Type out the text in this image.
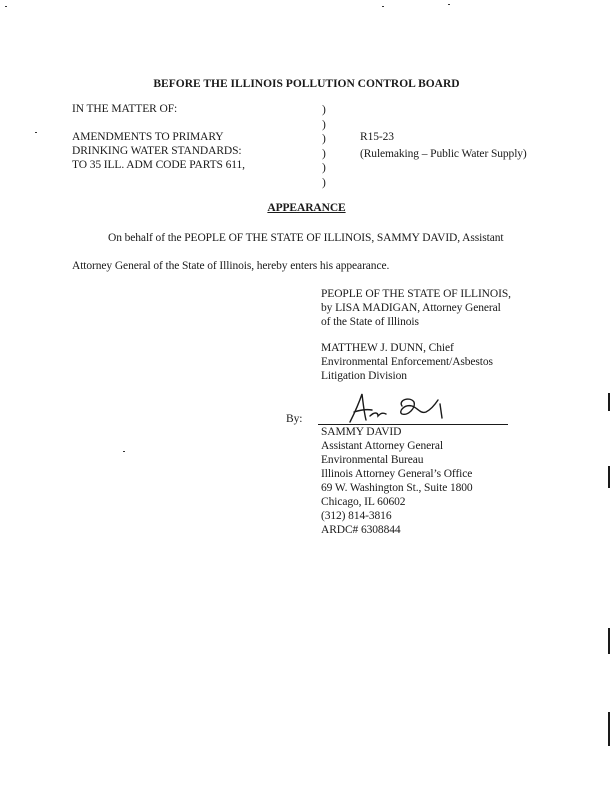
BEFORE THE ILLINOIS POLLUTION CONTROL BOARD
IN THE MATTER OF:

AMENDMENTS TO PRIMARY
DRINKING WATER STANDARDS:
TO 35 ILL. ADM CODE PARTS 611,
)
)
)
)
)
)
R15-23
(Rulemaking – Public Water Supply)
APPEARANCE
On behalf of the PEOPLE OF THE STATE OF ILLINOIS, SAMMY DAVID, Assistant
Attorney General of the State of Illinois, hereby enters his appearance.
PEOPLE OF THE STATE OF ILLINOIS,
by LISA MADIGAN, Attorney General
of the State of Illinois
MATTHEW J. DUNN, Chief
Environmental Enforcement/Asbestos
Litigation Division
By:
SAMMY DAVID
Assistant Attorney General
Environmental Bureau
Illinois Attorney General’s Office
69 W. Washington St., Suite 1800
Chicago, IL 60602
(312) 814-3816
ARDC# 6308844
